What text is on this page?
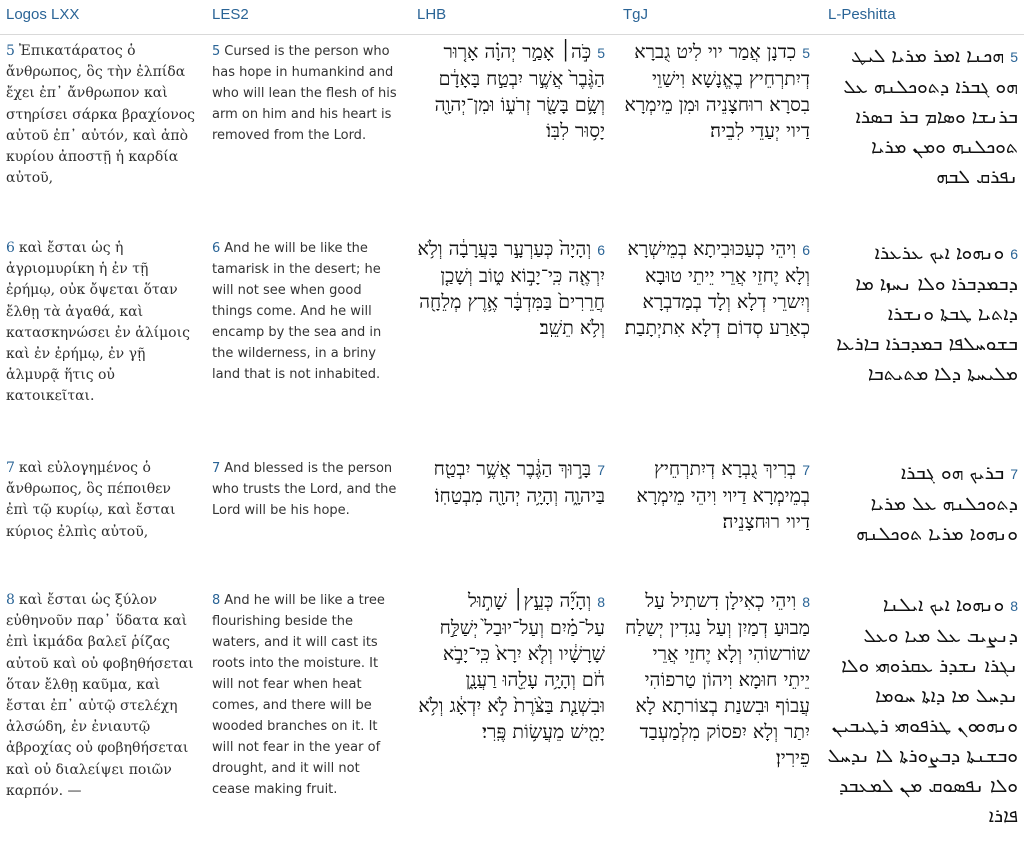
Logos LXX	LES2	LHB	TgJ	L-Peshitta
5 Ἐπικατάρατος ὁ ἄνθρωπος, ὃς τὴν ἐλπίδα ἔχει ἐπ᾽ ἄνθρωπον καὶ στηρίσει σάρκα βραχίονος αὐτοῦ ἐπ᾽ αὐτόν, καὶ ἀπὸ κυρίου ἀποστῇ ἡ καρδία αὐτοῦ,
5 Cursed is the person who has hope in humankind and who will lean the flesh of his arm on him and his heart is removed from the Lord.
5כֹּ֣ה׀ אָמַ֣ר יְהוָ֗ה אָר֤וּר הַגֶּ֨בֶר֙ אֲשֶׁ֣ר יִבְטַ֣ח בָּאָדָ֔ם וְשָׂ֥ם בָּשָׂ֖ר זְרֹע֑וֹ וּמִן־יְהוָ֖ה יָס֥וּר לִבּֽוֹ׃
5כִדנָן אֲמַר יוי לִיט גֻברָא דְיִתרְחֵיץ בֶאֱנָשָׁא וִישַׁוֵי בִסרָא רוּחצָנֵיה וּמִן מֵימְרָא דַיוי יְעַדֵי לִבֵיה׃
5ܗܟܢܐ ܐܡܪ ܡܪܝܐ ܠܝܛ ܗܘ ܓܒܪܐ ܕܬܘܟܠܢܗ ܥܠ ܒܪܢܫܐ ܘܣܐܡ ܒܪ ܒܣܪܐ ܬܘܟܠܢܗ ܘܡܢ ܡܪܝܐ ܢܦܪܩ ܠܒܗ
6 καὶ ἔσται ὡς ἡ ἀγριομυρίκη ἡ ἐν τῇ ἐρήμῳ, οὐκ ὄψεται ὅταν ἔλθῃ τὰ ἀγαθά, καὶ κατασκηνώσει ἐν ἁλίμοις καὶ ἐν ἐρήμῳ, ἐν γῇ ἁλμυρᾷ ἥτις οὐ κατοικεῖται.
6 And he will be like the tamarisk in the desert; he will not see when good things come. And he will encamp by the sea and in the wilderness, in a briny land that is not inhabited.
6וְהָיָה֙ כְּעַרְעָ֣ר בָּעֲרָבָ֔ה וְלֹ֥א יִרְאֶ֖ה כִּֽי־יָב֣וֹא ט֑וֹב וְשָׁכַ֤ן חֲרֵרִים֙ בַּמִּדְבָּ֔ר אֶ֥רֶץ מְלֵחָ֖ה וְלֹ֥א תֵשֵֽׁב׃
6וִיהֵי כְעַכּוּבִיתָא בְמֵישְׁרָא וְלָא יֶחזֵי אֲרֵי יֵיתֵי טוּבָא וְיִשרֵי דְלָא וְלָד בְמַדבְרָא כְאַרַע סְדוֹם דְלָא אִתיְתָבַת׃
6ܘܢܗܘܐ ܐܝܟ ܥܪܥܪܐ ܕܒܡܕܒܪܐ ܘܠܐ ܢܚܙܐ ܡܐ ܕܐܬܝܐ ܛܒܬܐ ܘܢܫܪܐ ܒܫܘܚܠܦܐ ܒܡܕܒܪܐ ܒܐܪܥܐ ܡܠܝܚܬܐ ܕܠܐ ܡܬܝܬܒܐ
7 καὶ εὐλογημένος ὁ ἄνθρωπος, ὃς πέποιθεν ἐπὶ τῷ κυρίῳ, καὶ ἔσται κύριος ἐλπὶς αὐτοῦ,
7 And blessed is the person who trusts the Lord, and the Lord will be his hope.
7בָּר֣וּךְ הַגֶּ֔בֶר אֲשֶׁ֥ר יִבְטַ֖ח בַּיהוָ֑ה וְהָיָ֥ה יְהוָ֖ה מִבְטַחֽוֹ׃
7בְרִיךְ גֻבְרָא דְיִתרְחֵיץ בְמֵימְרָא דַיוי וִיהֵי מֵימְרָא דַיוי רוּחצָנֵיה׃
7ܒܪܝܟ ܗܘ ܓܒܪܐ ܕܬܘܟܠܢܗ ܥܠ ܡܪܝܐ ܘܢܗܘܐ ܡܪܝܐ ܬܘܟܠܢܗ
8 καὶ ἔσται ὡς ξύλον εὐθηνοῦν παρ᾽ ὕδατα καὶ ἐπὶ ἰκμάδα βαλεῖ ῥίζας αὐτοῦ καὶ οὐ φοβηθήσεται ὅταν ἔλθῃ καῦμα, καὶ ἔσται ἐπ᾽ αὐτῷ στελέχη ἀλσώδη, ἐν ἐνιαυτῷ ἀβροχίας οὐ φοβηθήσεται καὶ οὐ διαλείψει ποιῶν καρπόν. —
8 And he will be like a tree flourishing beside the waters, and it will cast its roots into the moisture. It will not fear when heat comes, and there will be wooded branches on it. It will not fear in the year of drought, and it will not cease making fruit.
8וְהָיָ֞ה כְּעֵ֣ץ׀ שָׁת֣וּל עַל־מַ֗יִם וְעַל־יוּבַל֙ יְשַׁלַּ֣ח שָׁרָשָׁ֔יו וְלֹ֤א יִרָא֙ כִּֽי־יָבֹ֣א חֹ֔ם וְהָיָ֥ה עָלֵ֖הוּ רַעֲנָ֑ן וּבִשְׁנַ֤ת בַּצֹּ֨רֶת֙ לֹ֣א יִדְאָ֔ג וְלֹ֥א יָמִ֖ישׁ מֵעֲשׂ֥וֹת פֶּֽרִי׃
8וִיהֵי כְאִילָן דִשתִיל עַל מַבוּעַ דְמַיִן וְעַל נַגדִין יְשַלַח שוֹרשוֹהִי וְלָא יֶחזֵי אֲרֵי יֵיתֵי חוּמָא וִיהוֹן טַרפוֹהִי עֲבוֹף וּבִשנַת בְצוֹרתָא לָא יִתַר וְלָא יִפסוֹק מִלְמַעְבַד פֵירִין׃
8ܘܢܗܘܐ ܐܝܟ ܐܝܠܢܐ ܕܢܨܝܒ ܥܠ ܡܝܐ ܘܥܠ ܢܓܪܐ ܢܫܕܪ ܥܩܪܘܗܝ ܘܠܐ ܢܕܚܠ ܡܐ ܕܐܬܐ ܚܘܡܐ ܘܢܗܘܘܢ ܛܪܦܘܗܝ ܪܛܝܒܝܢ ܘܒܫܢܬܐ ܕܒܨܘܪܬܐ ܠܐ ܢܕܚܠ ܘܠܐ ܢܦܣܘܩ ܡܢ ܠܡܥܒܕ ܦܐܪܐ
